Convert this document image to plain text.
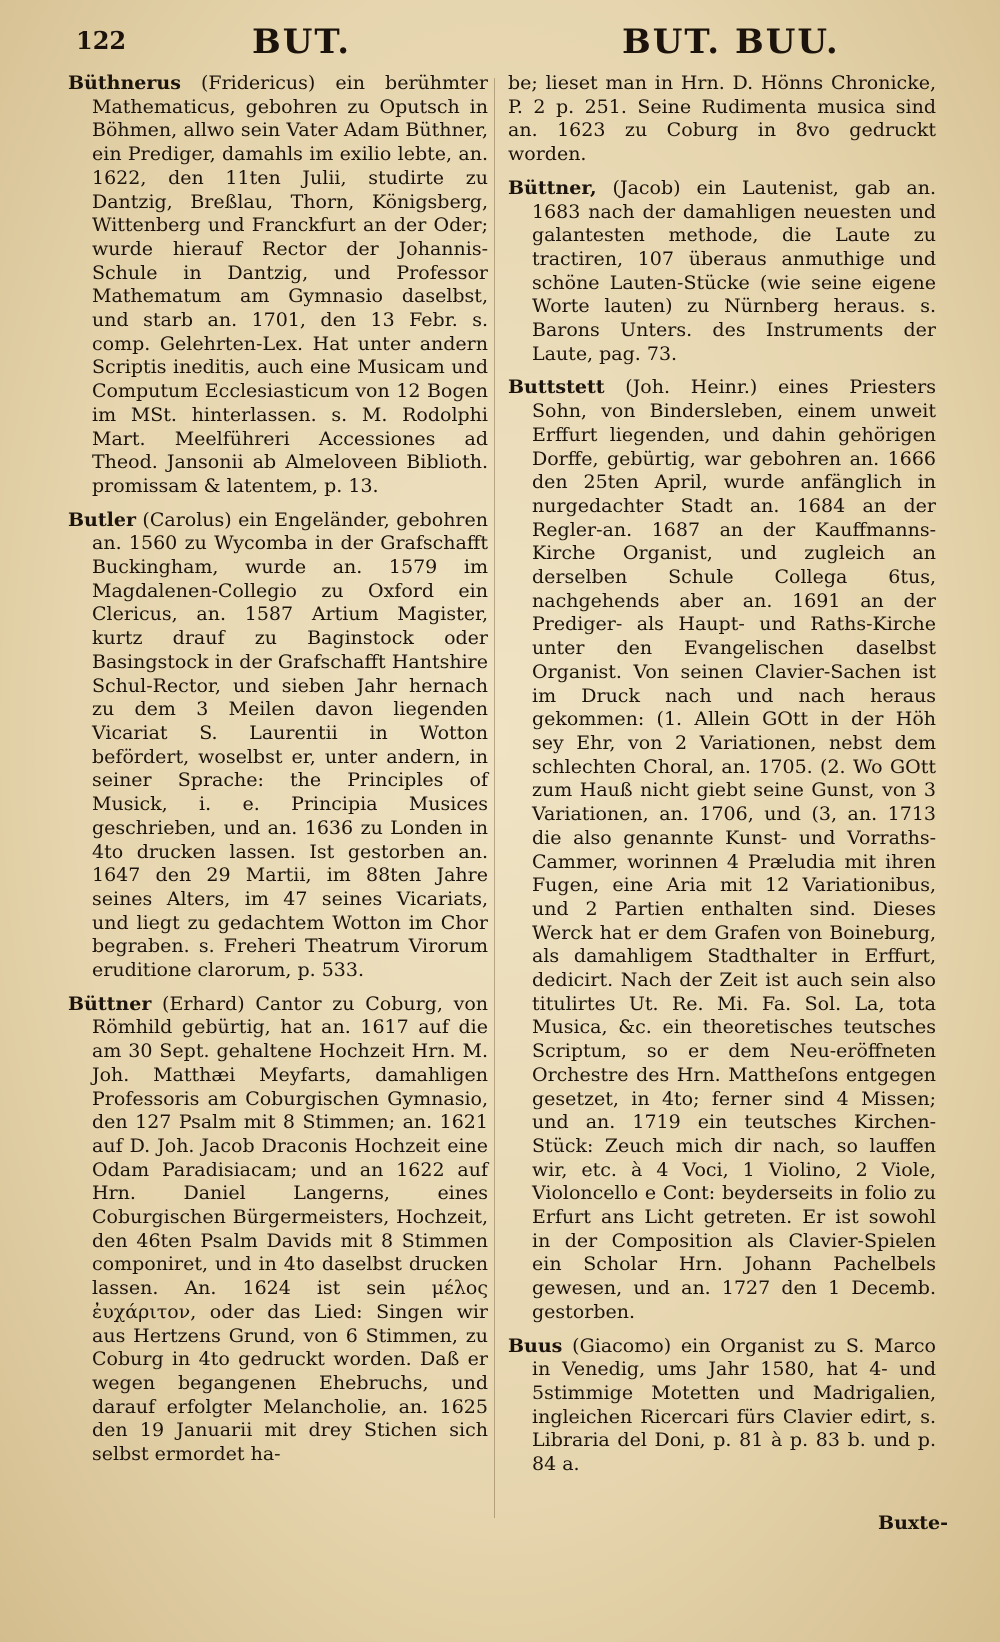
122	BUT.	BUT. BUU.

Büthnerus (Fridericus) ein berühmter Mathematicus, gebohren zu Oputsch in Böhmen, allwo sein Vater Adam Büthner, ein Prediger, damahls im exilio lebte, an. 1622, den 11ten Julii, studirte zu Dantzig, Breßlau, Thorn, Königsberg, Wittenberg und Franckfurt an der Oder; wurde hierauf Rector der Johannis-Schule in Dantzig, und Professor Mathematum am Gymnasio daselbst, und starb an. 1701, den 13 Febr. s. comp. Gelehrten-Lex. Hat unter andern Scriptis ineditis, auch eine Musicam und Computum Ecclesiasticum von 12 Bogen im MSt. hinterlassen. s. M. Rodolphi Mart. Meelführeri Accessiones ad Theod. Jansonii ab Almeloveen Biblioth. promissam & latentem, p. 13.

Butler (Carolus) ein Engeländer, gebohren an. 1560 zu Wycomba in der Grafschafft Buckingham, wurde an. 1579 im Magdalenen-Collegio zu Oxford ein Clericus, an. 1587 Artium Magister, kurtz drauf zu Baginstock oder Basingstock in der Grafschafft Hantshire Schul-Rector, und sieben Jahr hernach zu dem 3 Meilen davon liegenden Vicariat S. Laurentii in Wotton befördert, woselbst er, unter andern, in seiner Sprache: the Principles of Musick, i. e. Principia Musices geschrieben, und an. 1636 zu Londen in 4to drucken lassen. Ist gestorben an. 1647 den 29 Martii, im 88ten Jahre seines Alters, im 47 seines Vicariats, und liegt zu gedachtem Wotton im Chor begraben. s. Freheri Theatrum Virorum eruditione clarorum, p. 533.

Büttner (Erhard) Cantor zu Coburg, von Römhild gebürtig, hat an. 1617 auf die am 30 Sept. gehaltene Hochzeit Hrn. M. Joh. Matthæi Meyfarts, damahligen Professoris am Coburgischen Gymnasio, den 127 Psalm mit 8 Stimmen; an. 1621 auf D. Joh. Jacob Draconis Hochzeit eine Odam Paradisiacam; und an 1622 auf Hrn. Daniel Langerns, eines Coburgischen Bürgermeisters, Hochzeit, den 46ten Psalm Davids mit 8 Stimmen componiret, und in 4to daselbst drucken lassen. An. 1624 ist sein μέλος ἐυχάριτον, oder das Lied: Singen wir aus Hertzens Grund, von 6 Stimmen, zu Coburg in 4to gedruckt worden. Daß er wegen begangenen Ehebruchs, und darauf erfolgter Melancholie, an. 1625 den 19 Januarii mit drey Stichen sich selbst ermordet ha-

be; lieset man in Hrn. D. Hönns Chronicke, P. 2 p. 251. Seine Rudimenta musica sind an. 1623 zu Coburg in 8vo gedruckt worden.

Büttner, (Jacob) ein Lautenist, gab an. 1683 nach der damahligen neuesten und galantesten methode, die Laute zu tractiren, 107 überaus anmuthige und schöne Lauten-Stücke (wie seine eigene Worte lauten) zu Nürnberg heraus. s. Barons Unters. des Instruments der Laute, pag. 73.

Buttstett (Joh. Heinr.) eines Priesters Sohn, von Bindersleben, einem unweit Erffurt liegenden, und dahin gehörigen Dorffe, gebürtig, war gebohren an. 1666 den 25ten April, wurde anfänglich in nurgedachter Stadt an. 1684 an der Regler-an. 1687 an der Kauffmanns-Kirche Organist, und zugleich an derselben Schule Collega 6tus, nachgehends aber an. 1691 an der Prediger- als Haupt- und Raths-Kirche unter den Evangelischen daselbst Organist. Von seinen Clavier-Sachen ist im Druck nach und nach heraus gekommen: (1. Allein GOtt in der Höh sey Ehr, von 2 Variationen, nebst dem schlechten Choral, an. 1705. (2. Wo GOtt zum Hauß nicht giebt seine Gunst, von 3 Variationen, an. 1706, und (3, an. 1713 die also genannte Kunst- und Vorraths-Cammer, worinnen 4 Præludia mit ihren Fugen, eine Aria mit 12 Variationibus, und 2 Partien enthalten sind. Dieses Werck hat er dem Grafen von Boineburg, als damahligem Stadthalter in Erffurt, dedicirt. Nach der Zeit ist auch sein also titulirtes Ut. Re. Mi. Fa. Sol. La, tota Musica, &c. ein theoretisches teutsches Scriptum, so er dem Neu-eröffneten Orchestre des Hrn. Mattheſons entgegen gesetzet, in 4to; ferner sind 4 Missen; und an. 1719 ein teutsches Kirchen-Stück: Zeuch mich dir nach, so lauffen wir, etc. à 4 Voci, 1 Violino, 2 Viole, Violoncello e Cont: beyderseits in folio zu Erfurt ans Licht getreten. Er ist sowohl in der Composition als Clavier-Spielen ein Scholar Hrn. Johann Pachelbels gewesen, und an. 1727 den 1 Decemb. gestorben.

Buus (Giacomo) ein Organist zu S. Marco in Venedig, ums Jahr 1580, hat 4- und 5stimmige Motetten und Madrigalien, ingleichen Ricercari fürs Clavier edirt, s. Libraria del Doni, p. 81 à p. 83 b. und p. 84 a.

Buxte-
